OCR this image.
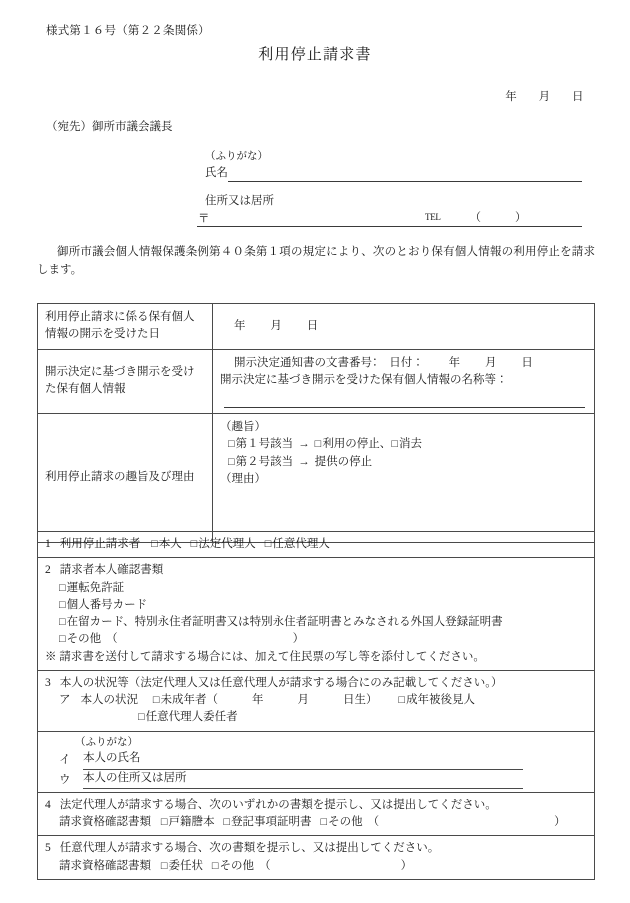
様式第１６号（第２２条関係）
利用停止請求書
年 月 日
（宛先）御所市議会議長
（ふりがな）
氏名
住所又は居所
〒	TEL	（	）
御所市議会個人情報保護条例第４０条第１項の規定により、次のとおり保有個人情報の利用停止を請求します。
利用停止請求に係る保有個人情報の開示を受けた日	年 月 日
開示決定に基づき開示を受けた保有個人情報	開示決定通知書の文書番号：　日付： 年 月 日
開示決定に基づき開示を受けた保有個人情報の名称等：

利用停止請求の趣旨及び理由	（趣旨）
□第１号該当 → □利用の停止、□消去
□第２号該当 → 提供の停止
（理由）
1 利用停止請求者 □本人 □法定代理人 □任意代理人

2 請求者本人確認書類
□運転免許証
□個人番号カード
□在留カード、特別永住者証明書又は特別永住者証明書とみなされる外国人登録証明書
□その他 （	）
※ 請求書を送付して請求する場合には、加えて住民票の写し等を添付してください。

3 本人の状況等（法定代理人又は任意代理人が請求する場合にのみ記載してください。）
ア 本人の状況 □未成年者（	年	月	日生） □成年被後見人
□任意代理人委任者

（ふりがな）
イ	本人の氏名
ウ	本人の住所又は居所

4 法定代理人が請求する場合、次のいずれかの書類を提示し、又は提出してください。
請求資格確認書類 □戸籍謄本 □登記事項証明書 □その他 （	）

5 任意代理人が請求する場合、次の書類を提示し、又は提出してください。
請求資格確認書類 □委任状 □その他 （	）
